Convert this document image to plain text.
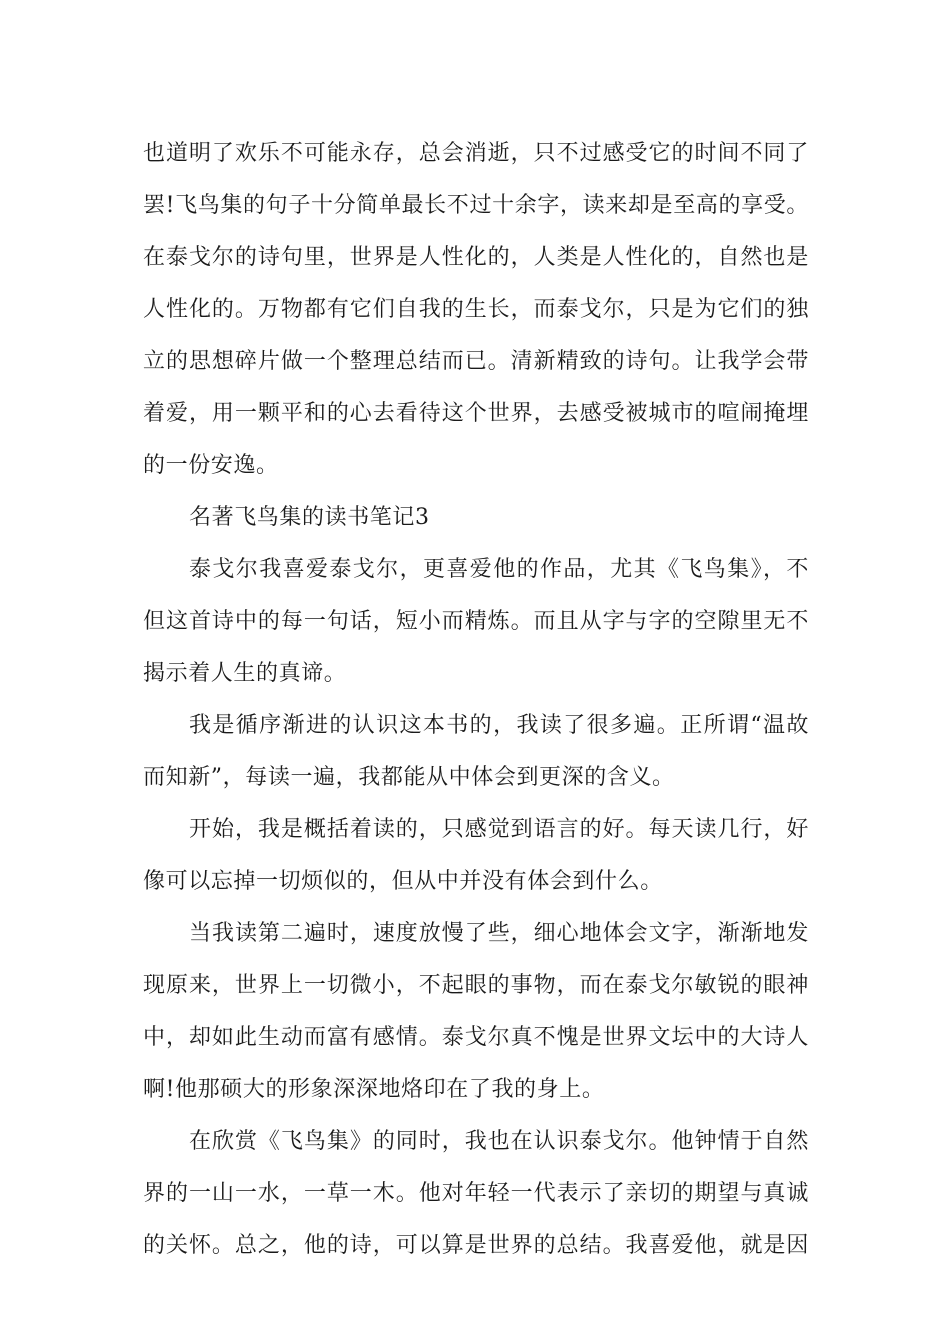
也道明了欢乐不可能永存，总会消逝，只不过感受它的时间不同了
罢!飞鸟集的句子十分简单最长不过十余字，读来却是至高的享受。
在泰戈尔的诗句里，世界是人性化的，人类是人性化的，自然也是
人性化的。万物都有它们自我的生长，而泰戈尔，只是为它们的独
立的思想碎片做一个整理总结而已。清新精致的诗句。让我学会带
着爱，用一颗平和的心去看待这个世界，去感受被城市的喧闹掩埋
的一份安逸。
名著飞鸟集的读书笔记3
泰戈尔我喜爱泰戈尔，更喜爱他的作品，尤其《飞鸟集》，不
但这首诗中的每一句话，短小而精炼。而且从字与字的空隙里无不
揭示着人生的真谛。
我是循序渐进的认识这本书的，我读了很多遍。正所谓“温故
而知新”，每读一遍，我都能从中体会到更深的含义。
开始，我是概括着读的，只感觉到语言的好。每天读几行，好
像可以忘掉一切烦似的，但从中并没有体会到什么。
当我读第二遍时，速度放慢了些，细心地体会文字，渐渐地发
现原来，世界上一切微小，不起眼的事物，而在泰戈尔敏锐的眼神
中，却如此生动而富有感情。泰戈尔真不愧是世界文坛中的大诗人
啊!他那硕大的形象深深地烙印在了我的身上。
在欣赏《飞鸟集》的同时，我也在认识泰戈尔。他钟情于自然
界的一山一水，一草一木。他对年轻一代表示了亲切的期望与真诚
的关怀。总之，他的诗，可以算是世界的总结。我喜爱他，就是因
